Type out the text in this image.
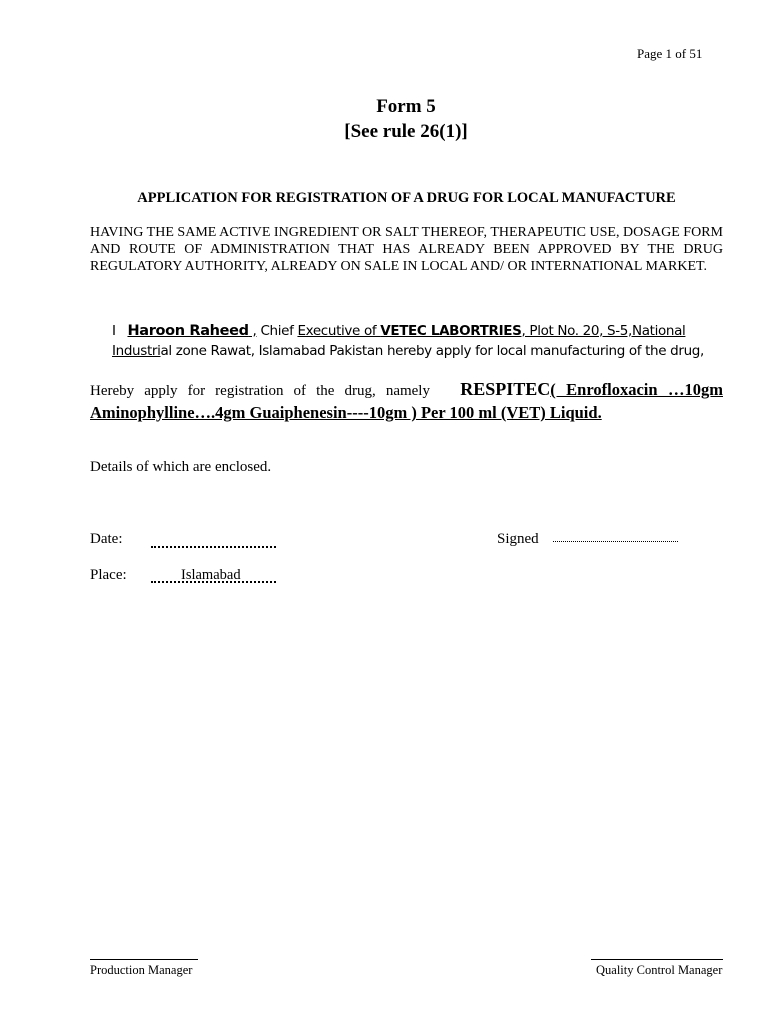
Page 1 of 51
Form 5
[See rule 26(1)]
APPLICATION FOR REGISTRATION OF A DRUG FOR LOCAL MANUFACTURE
HAVING THE SAME ACTIVE INGREDIENT OR SALT THEREOF, THERAPEUTIC USE, DOSAGE FORM AND ROUTE OF ADMINISTRATION THAT HAS ALREADY BEEN APPROVED BY THE DRUG REGULATORY AUTHORITY, ALREADY ON SALE IN LOCAL AND/ OR INTERNATIONAL MARKET.
I Haroon Raheed , Chief Executive of VETEC LABORTRIES, Plot No. 20, S-5,National Industrial zone Rawat, Islamabad Pakistan hereby apply for local manufacturing of the drug,
Hereby apply for registration of the drug, namely RESPITEC( Enrofloxacin …10gm Aminophylline….4gm Guaiphenesin----10gm ) Per 100 ml (VET) Liquid.
Details of which are enclosed.
Date:	Signed
Place:	Islamabad
Production Manager	Quality Control Manager
